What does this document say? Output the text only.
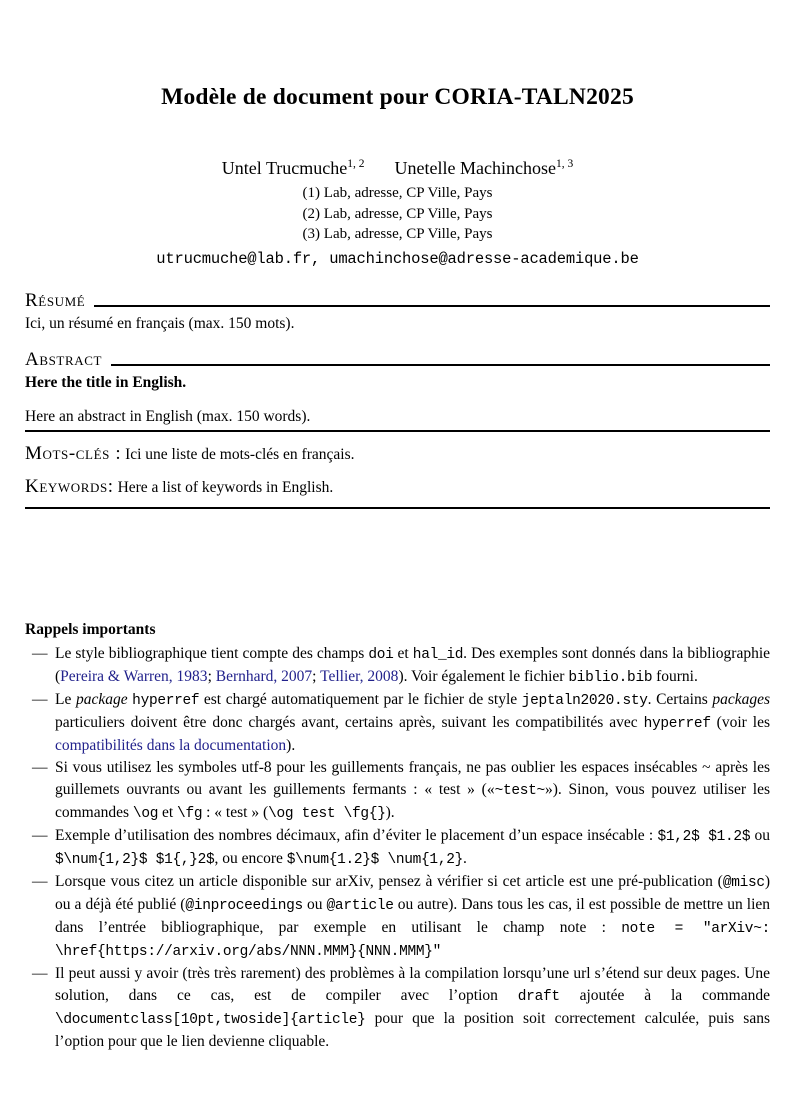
Modèle de document pour CORIA-TALN2025
Untel Trucmuche$^{1, 2}$ Unetelle Machinchose$^{1, 3}$
(1) Lab, adresse, CP Ville, Pays
(2) Lab, adresse, CP Ville, Pays
(3) Lab, adresse, CP Ville, Pays
utrucmuche@lab.fr, umachinchose@adresse-academique.be
Résumé

Ici, un résumé en français (max. 150 mots).

Abstract

Here the title in English.

Here an abstract in English (max. 150 words).

Mots-clés : Ici une liste de mots-clés en français.
Keywords: Here a list of keywords in English.
Rappels importants
— Le style bibliographique tient compte des champs doi et hal_id. Des exemples sont donnés dans la bibliographie (Pereira & Warren, 1983; Bernhard, 2007; Tellier, 2008). Voir également le fichier biblio.bib fourni.
— Le package hyperref est chargé automatiquement par le fichier de style jeptaln2020.sty. Certains packages particuliers doivent être donc chargés avant, certains après, suivant les compatibilités avec hyperref (voir les compatibilités dans la documentation).
— Si vous utilisez les symboles utf-8 pour les guillements français, ne pas oublier les espaces insécables ~ après les guillemets ouvrants ou avant les guillements fermants : « test » («~test~»). Sinon, vous pouvez utiliser les commandes \og et \fg : « test » (\og test \fg{}).
— Exemple d’utilisation des nombres décimaux, afin d’éviter le placement d’un espace insécable : $1,2$ $1.2$ ou $\num{1,2}$ $1{,}2$, ou encore $\num{1.2}$ \num{1,2}.
— Lorsque vous citez un article disponible sur arXiv, pensez à vérifier si cet article est une pré-publication (@misc) ou a déjà été publié (@inproceedings ou @article ou autre). Dans tous les cas, il est possible de mettre un lien dans l’entrée bibliographique, par exemple en utilisant le champ note : note = "arXiv~: \href{https://arxiv.org/abs/NNN.MMM}{NNN.MMM}"
— Il peut aussi y avoir (très très rarement) des problèmes à la compilation lorsqu’une url s’étend sur deux pages. Une solution, dans ce cas, est de compiler avec l’option draft ajoutée à la commande \documentclass[10pt,twoside]{article} pour que la position soit correctement calculée, puis sans l’option pour que le lien devienne cliquable.
